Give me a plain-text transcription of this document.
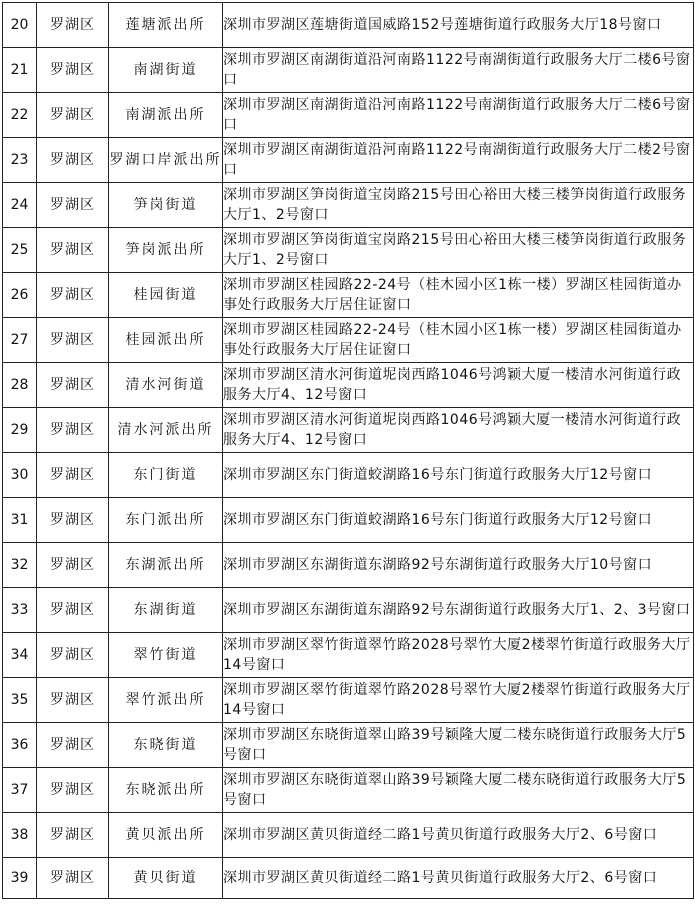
20	罗湖区	莲塘派出所	深圳市罗湖区莲塘街道国威路152号莲塘街道行政服务大厅18号窗口
21	罗湖区	南湖街道	深圳市罗湖区南湖街道沿河南路1122号南湖街道行政服务大厅二楼6号窗口
22	罗湖区	南湖派出所	深圳市罗湖区南湖街道沿河南路1122号南湖街道行政服务大厅二楼6号窗口
23	罗湖区	罗湖口岸派出所	深圳市罗湖区南湖街道沿河南路1122号南湖街道行政服务大厅二楼2号窗口
24	罗湖区	笋岗街道	深圳市罗湖区笋岗街道宝岗路215号田心裕田大楼三楼笋岗街道行政服务大厅1、2号窗口
25	罗湖区	笋岗派出所	深圳市罗湖区笋岗街道宝岗路215号田心裕田大楼三楼笋岗街道行政服务大厅1、2号窗口
26	罗湖区	桂园街道	深圳市罗湖区桂园路22-24号（桂木园小区1栋一楼）罗湖区桂园街道办事处行政服务大厅居住证窗口
27	罗湖区	桂园派出所	深圳市罗湖区桂园路22-24号（桂木园小区1栋一楼）罗湖区桂园街道办事处行政服务大厅居住证窗口
28	罗湖区	清水河街道	深圳市罗湖区清水河街道坭岗西路1046号鸿颖大厦一楼清水河街道行政服务大厅4、12号窗口
29	罗湖区	清水河派出所	深圳市罗湖区清水河街道坭岗西路1046号鸿颖大厦一楼清水河街道行政服务大厅4、12号窗口
30	罗湖区	东门街道	深圳市罗湖区东门街道蛟湖路16号东门街道行政服务大厅12号窗口
31	罗湖区	东门派出所	深圳市罗湖区东门街道蛟湖路16号东门街道行政服务大厅12号窗口
32	罗湖区	东湖派出所	深圳市罗湖区东湖街道东湖路92号东湖街道行政服务大厅10号窗口
33	罗湖区	东湖街道	深圳市罗湖区东湖街道东湖路92号东湖街道行政服务大厅1、2、3号窗口
34	罗湖区	翠竹街道	深圳市罗湖区翠竹街道翠竹路2028号翠竹大厦2楼翠竹街道行政服务大厅14号窗口
35	罗湖区	翠竹派出所	深圳市罗湖区翠竹街道翠竹路2028号翠竹大厦2楼翠竹街道行政服务大厅14号窗口
36	罗湖区	东晓街道	深圳市罗湖区东晓街道翠山路39号颖隆大厦二楼东晓街道行政服务大厅5号窗口
37	罗湖区	东晓派出所	深圳市罗湖区东晓街道翠山路39号颖隆大厦二楼东晓街道行政服务大厅5号窗口
38	罗湖区	黄贝派出所	深圳市罗湖区黄贝街道经二路1号黄贝街道行政服务大厅2、6号窗口
39	罗湖区	黄贝街道	深圳市罗湖区黄贝街道经二路1号黄贝街道行政服务大厅2、6号窗口
